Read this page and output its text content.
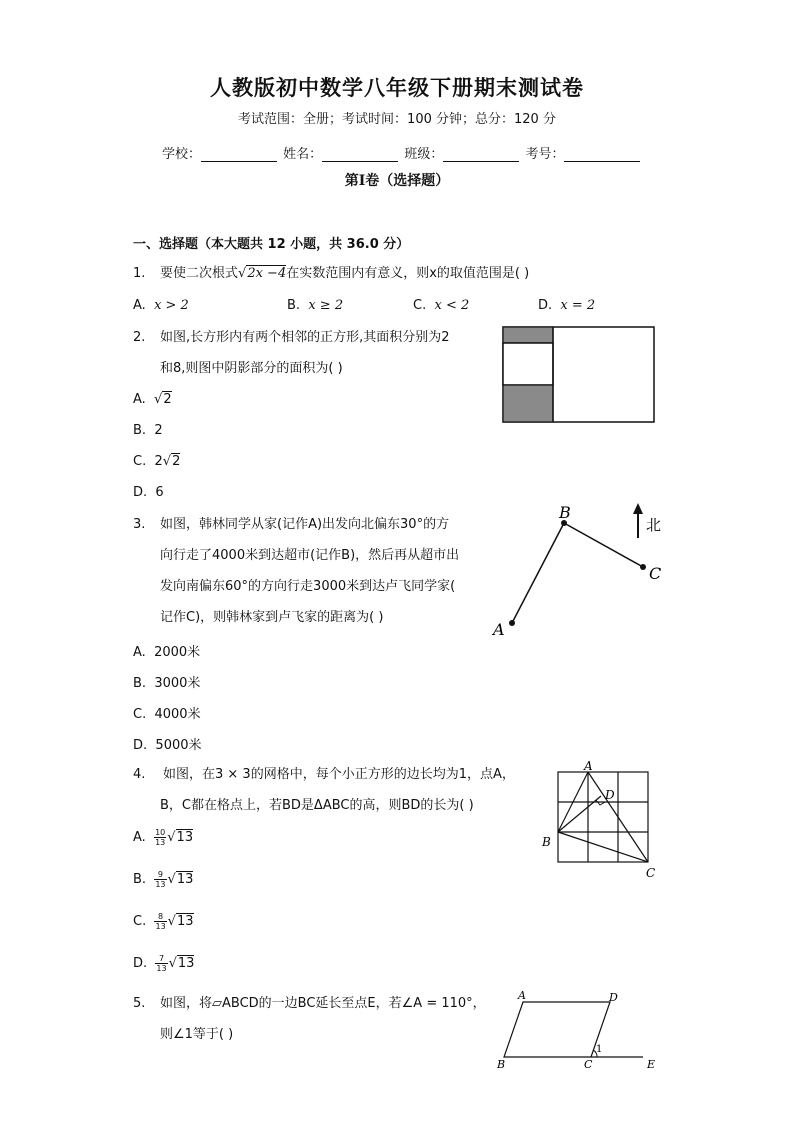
人教版初中数学八年级下册期末测试卷
考试范围：全册；考试时间：100 分钟；总分：120 分
学校：	姓名：	班级：	考号：
第Ⅰ卷（选择题）
一、选择题（本大题共 12 小题，共 36.0 分）
1. 要使二次根式√2x −4在实数范围内有意义，则x的取值范围是( )
A. x > 2	B. x ≥ 2	C. x < 2	D. x = 2
2. 如图,长方形内有两个相邻的正方形,其面积分别为2
和8,则图中阴影部分的面积为( )
A.  √2
B. 2
C. 2√2
D. 6
3. 如图，韩林同学从家(记作A)出发向北偏东30°的方
向行走了4000米到达超市(记作B)，然后再从超市出
发向南偏东60°的方向行走3000米到达卢飞同学家(
记作C)，则韩林家到卢飞家的距离为( )
A. 2000米
B. 3000米
C. 4000米
D. 5000米
A
B
C
北
4. 如图，在3 × 3的网格中，每个小正方形的边长均为1，点A，
B，C都在格点上，若BD是ΔABC的高，则BD的长为( )
A. $\frac{10}{13} √13$
B. $\frac{9}{13} √13$
C. $\frac{8}{13} √13$
D. $\frac{7}{13} √13$
A
B
C
D
5. 如图，将▱ABCD的一边BC延长至点E，若∠A = 110°，
则∠1等于( )
A	D
B	C	E
1
